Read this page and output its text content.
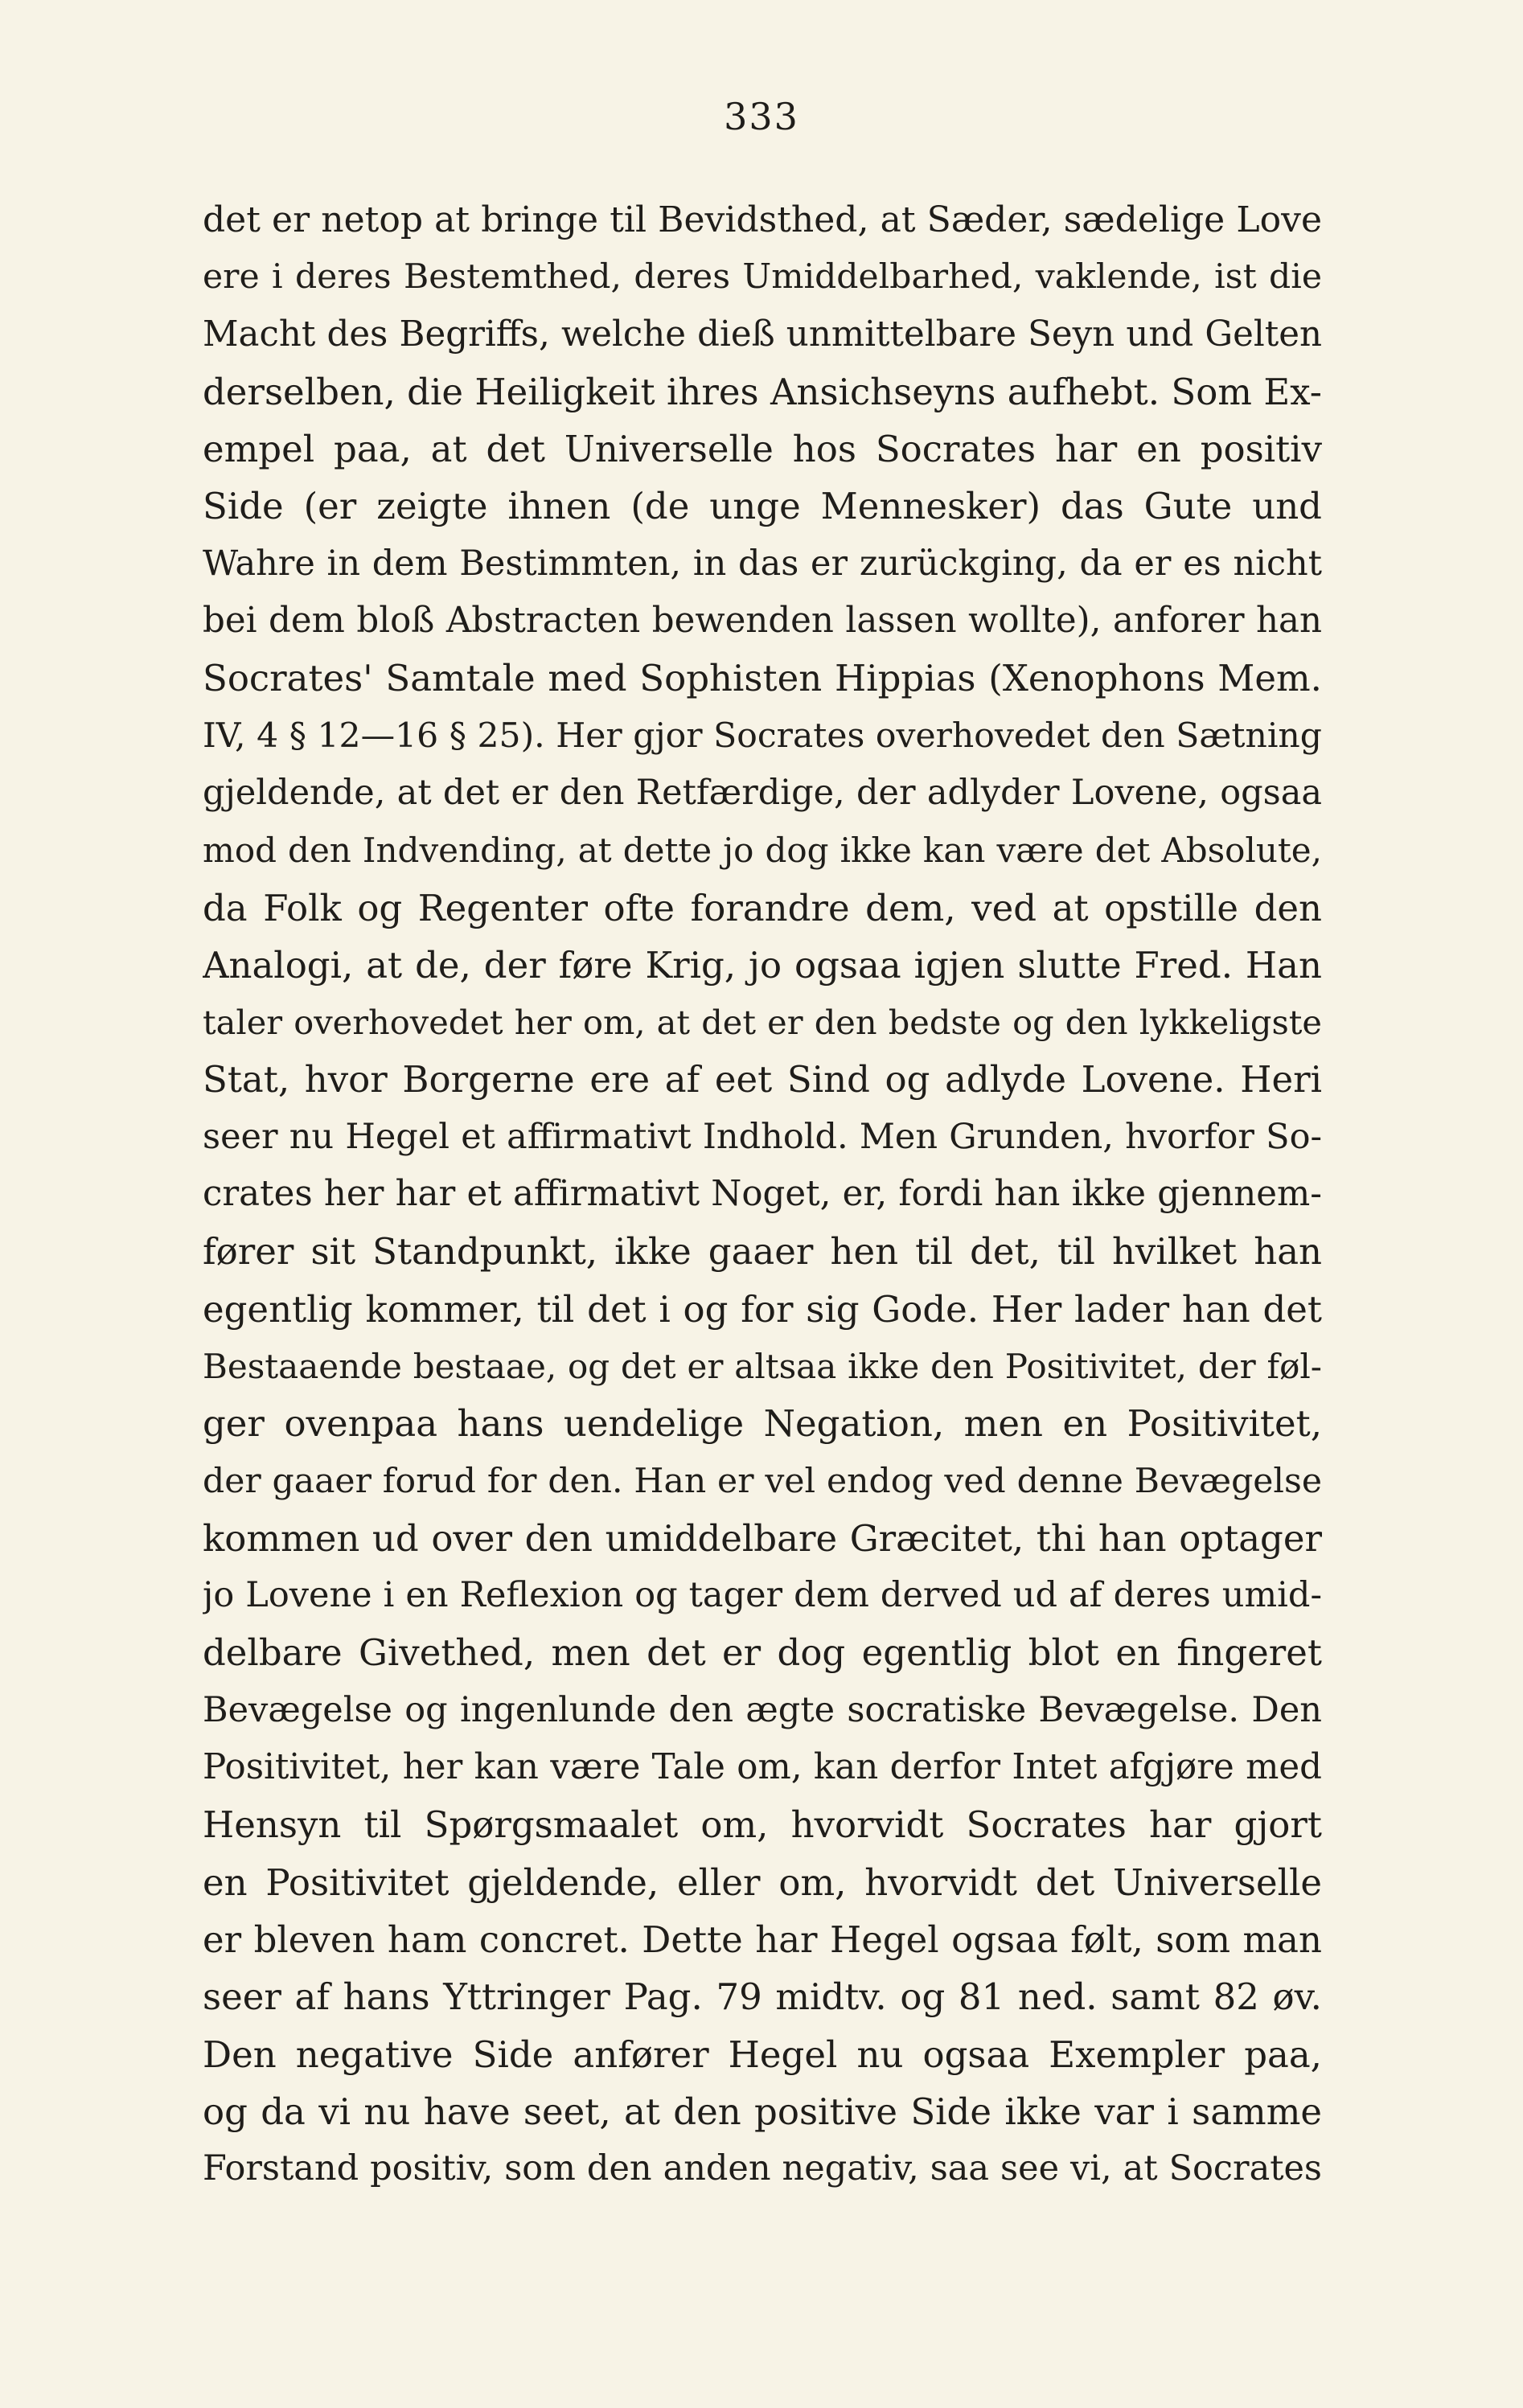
333
det er netop at bringe til Bevidsthed, at Sæder, sædelige Love
ere i deres Bestemthed, deres Umiddelbarhed, vaklende, ist die
Macht des Begriffs, welche dieß unmittelbare Seyn und Gelten
derselben, die Heiligkeit ihres Ansichseyns aufhebt. Som Ex-
empel paa, at det Universelle hos Socrates har en positiv
Side (er zeigte ihnen (de unge Mennesker) das Gute und
Wahre in dem Bestimmten, in das er zurückging, da er es nicht
bei dem bloß Abstracten bewenden lassen wollte), anforer han
Socrates' Samtale med Sophisten Hippias (Xenophons Mem.
IV, 4 § 12—16 § 25). Her gjor Socrates overhovedet den Sætning
gjeldende, at det er den Retfærdige, der adlyder Lovene, ogsaa
mod den Indvending, at dette jo dog ikke kan være det Absolute,
da Folk og Regenter ofte forandre dem, ved at opstille den
Analogi, at de, der føre Krig, jo ogsaa igjen slutte Fred. Han
taler overhovedet her om, at det er den bedste og den lykkeligste
Stat, hvor Borgerne ere af eet Sind og adlyde Lovene. Heri
seer nu Hegel et affirmativt Indhold. Men Grunden, hvorfor So-
crates her har et affirmativt Noget, er, fordi han ikke gjennem-
fører sit Standpunkt, ikke gaaer hen til det, til hvilket han
egentlig kommer, til det i og for sig Gode. Her lader han det
Bestaaende bestaae, og det er altsaa ikke den Positivitet, der føl-
ger ovenpaa hans uendelige Negation, men en Positivitet,
der gaaer forud for den. Han er vel endog ved denne Bevægelse
kommen ud over den umiddelbare Græcitet, thi han optager
jo Lovene i en Reflexion og tager dem derved ud af deres umid-
delbare Givethed, men det er dog egentlig blot en fingeret
Bevægelse og ingenlunde den ægte socratiske Bevægelse. Den
Positivitet, her kan være Tale om, kan derfor Intet afgjøre med
Hensyn til Spørgsmaalet om, hvorvidt Socrates har gjort
en Positivitet gjeldende, eller om, hvorvidt det Universelle
er bleven ham concret. Dette har Hegel ogsaa følt, som man
seer af hans Yttringer Pag. 79 midtv. og 81 ned. samt 82 øv.
Den negative Side anfører Hegel nu ogsaa Exempler paa,
og da vi nu have seet, at den positive Side ikke var i samme
Forstand positiv, som den anden negativ, saa see vi, at Socrates
